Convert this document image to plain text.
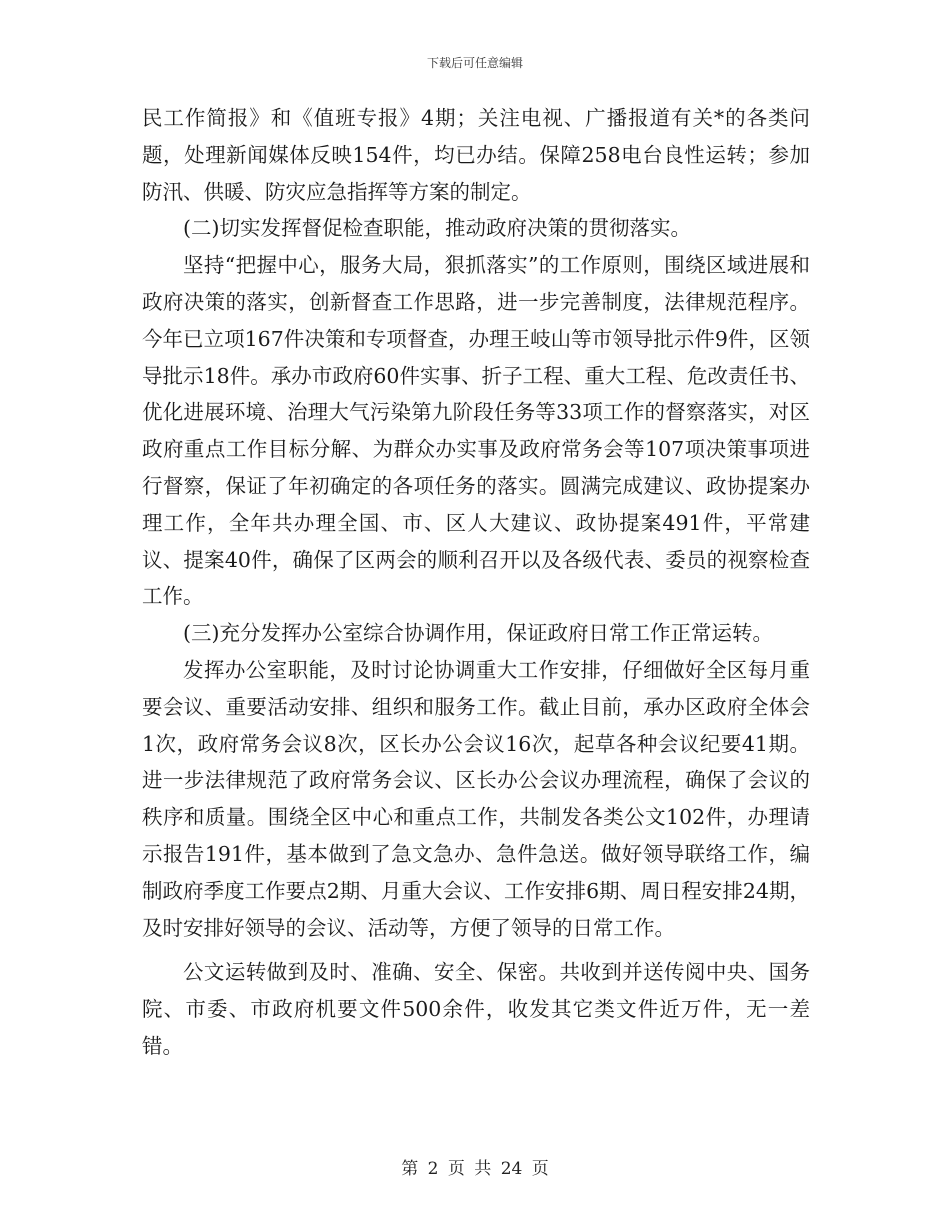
下载后可任意编辑

民工作简报》和《值班专报》4期；关注电视、广播报道有关*的各类问题，处理新闻媒体反映154件，均已办结。保障258电台良性运转；参加防汛、供暖、防灾应急指挥等方案的制定。

(二)切实发挥督促检查职能，推动政府决策的贯彻落实。

坚持“把握中心，服务大局，狠抓落实”的工作原则，围绕区域进展和政府决策的落实，创新督查工作思路，进一步完善制度，法律规范程序。今年已立项167件决策和专项督查，办理王岐山等市领导批示件9件，区领导批示18件。承办市政府60件实事、折子工程、重大工程、危改责任书、优化进展环境、治理大气污染第九阶段任务等33项工作的督察落实，对区政府重点工作目标分解、为群众办实事及政府常务会等107项决策事项进行督察，保证了年初确定的各项任务的落实。圆满完成建议、政协提案办理工作，全年共办理全国、市、区人大建议、政协提案491件，平常建议、提案40件，确保了区两会的顺利召开以及各级代表、委员的视察检查工作。

(三)充分发挥办公室综合协调作用，保证政府日常工作正常运转。

发挥办公室职能，及时讨论协调重大工作安排，仔细做好全区每月重要会议、重要活动安排、组织和服务工作。截止目前，承办区政府全体会1次，政府常务会议8次，区长办公会议16次，起草各种会议纪要41期。进一步法律规范了政府常务会议、区长办公会议办理流程，确保了会议的秩序和质量。围绕全区中心和重点工作，共制发各类公文102件，办理请示报告191件，基本做到了急文急办、急件急送。做好领导联络工作，编制政府季度工作要点2期、月重大会议、工作安排6期、周日程安排24期，及时安排好领导的会议、活动等，方便了领导的日常工作。

公文运转做到及时、准确、安全、保密。共收到并送传阅中央、国务院、市委、市政府机要文件500余件，收发其它类文件近万件，无一差错。

第 2 页 共 24 页
